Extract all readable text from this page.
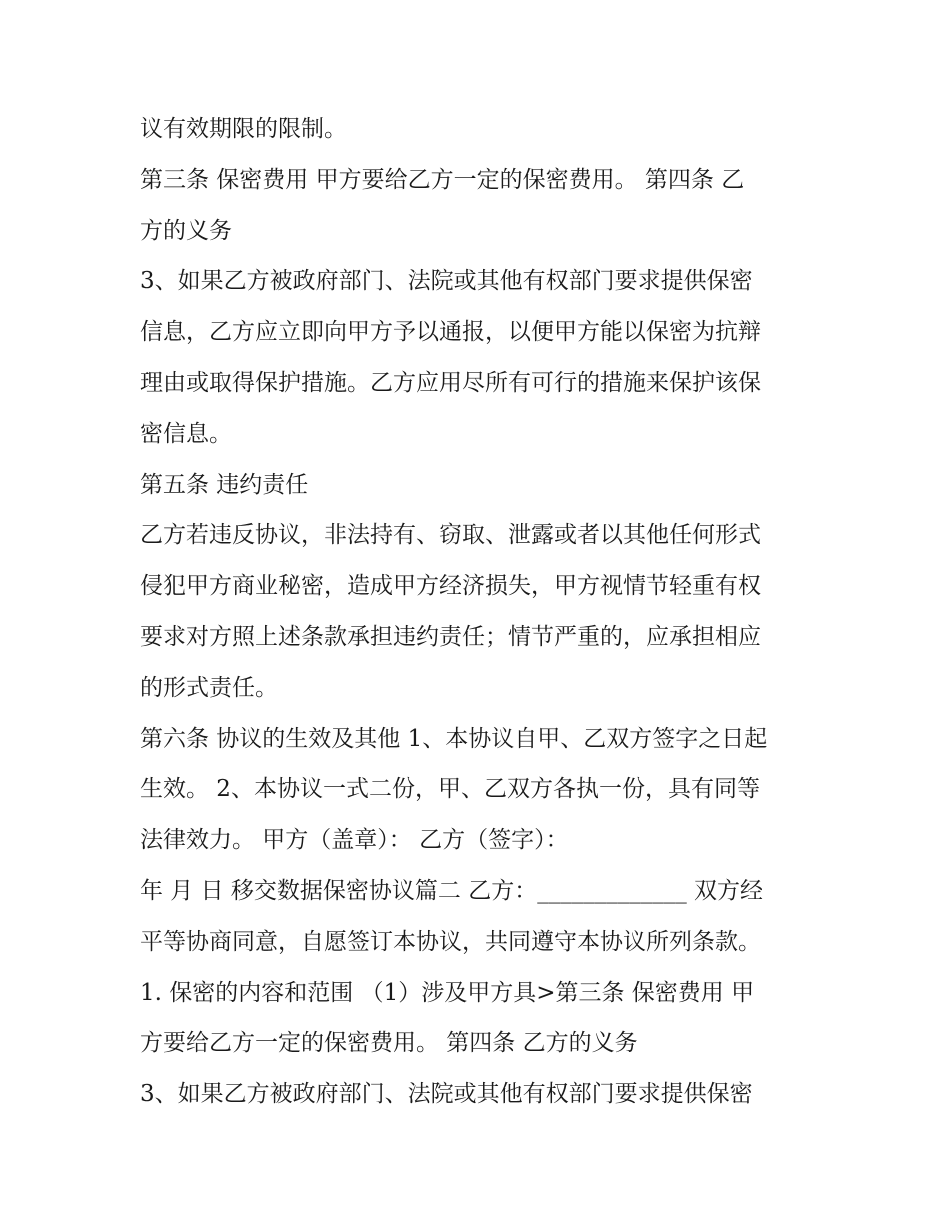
议有效期限的限制。
第三条 保密费用 甲方要给乙方一定的保密费用。 第四条 乙
方的义务
3、如果乙方被政府部门、法院或其他有权部门要求提供保密
信息，乙方应立即向甲方予以通报，以便甲方能以保密为抗辩
理由或取得保护措施。乙方应用尽所有可行的措施来保护该保
密信息。
第五条 违约责任
乙方若违反协议，非法持有、窃取、泄露或者以其他任何形式
侵犯甲方商业秘密，造成甲方经济损失，甲方视情节轻重有权
要求对方照上述条款承担违约责任；情节严重的，应承担相应
的形式责任。
第六条 协议的生效及其他 1、本协议自甲、乙双方签字之日起
生效。 2、本协议一式二份，甲、乙双方各执一份，具有同等
法律效力。 甲方（盖章）： 乙方（签字）：
年 月 日 移交数据保密协议篇二 乙方：_____________ 双方经
平等协商同意，自愿签订本协议，共同遵守本协议所列条款。
1. 保密的内容和范围 （1）涉及甲方具>第三条 保密费用 甲
方要给乙方一定的保密费用。 第四条 乙方的义务
3、如果乙方被政府部门、法院或其他有权部门要求提供保密
